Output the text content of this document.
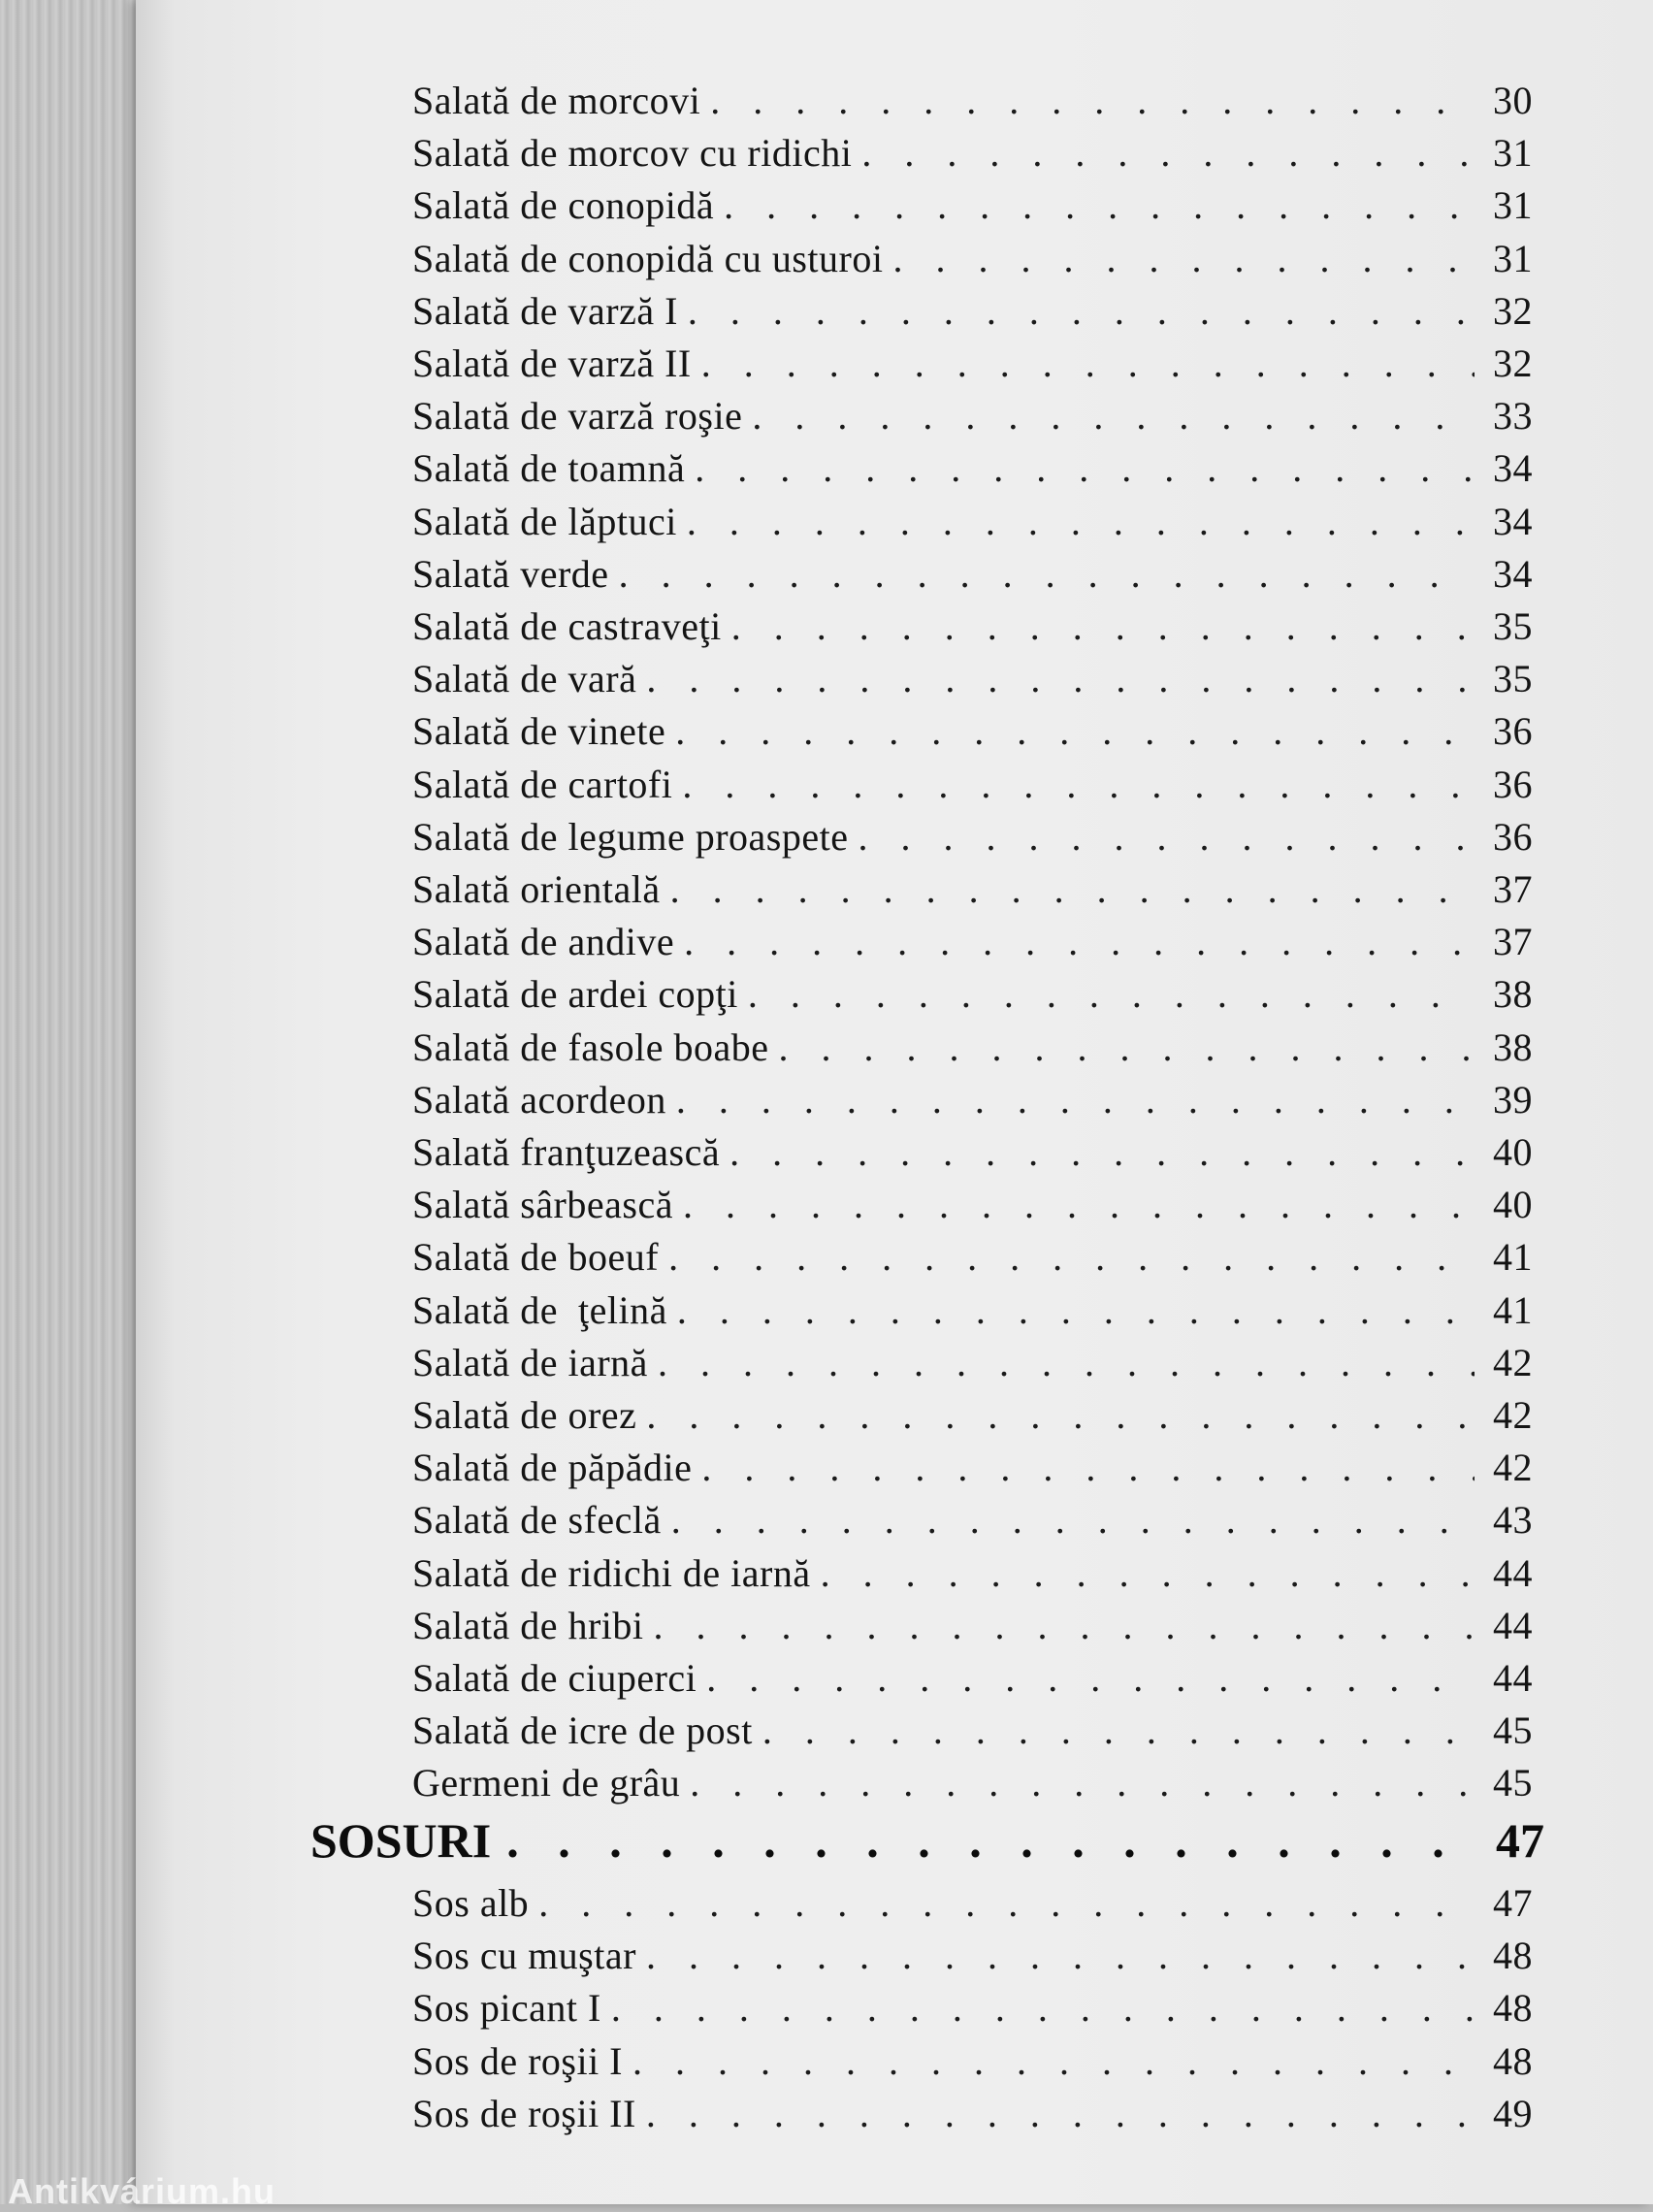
Salată de morcovi . . .	30
Salată de morcov cu ridichi . . .	31
Salată de conopidă . . .	31
Salată de conopidă cu usturoi . . .	31
Salată de varză I . . .	32
Salată de varză II . . .	32
Salată de varză roşie . . .	33
Salată de toamnă . . .	34
Salată de lăptuci . . .	34
Salată verde . . .	34
Salată de castraveţi . . .	35
Salată de vară . . .	35
Salată de vinete . . .	36
Salată de cartofi . . .	36
Salată de legume proaspete . . .	36
Salată orientală . . .	37
Salată de andive . . .	37
Salată de ardei copţi . . .	38
Salată de fasole boabe . . .	38
Salată acordeon . . .	39
Salată franţuzească . . .	40
Salată sârbească . . .	40
Salată de boeuf . . .	41
Salată de  ţelină . . .	41
Salată de iarnă . . .	42
Salată de orez . . .	42
Salată de păpădie . . .	42
Salată de sfeclă . . .	43
Salată de ridichi de iarnă . . .	44
Salată de hribi . . .	44
Salată de ciuperci . . .	44
Salată de icre de post . . .	45
Germeni de grâu . . .	45
SOSURI . . .	47
Sos alb . . .	47
Sos cu muştar . . .	48
Sos picant I . . .	48
Sos de roşii I . . .	48
Sos de roşii II . . .	49
Antikvárium.hu
